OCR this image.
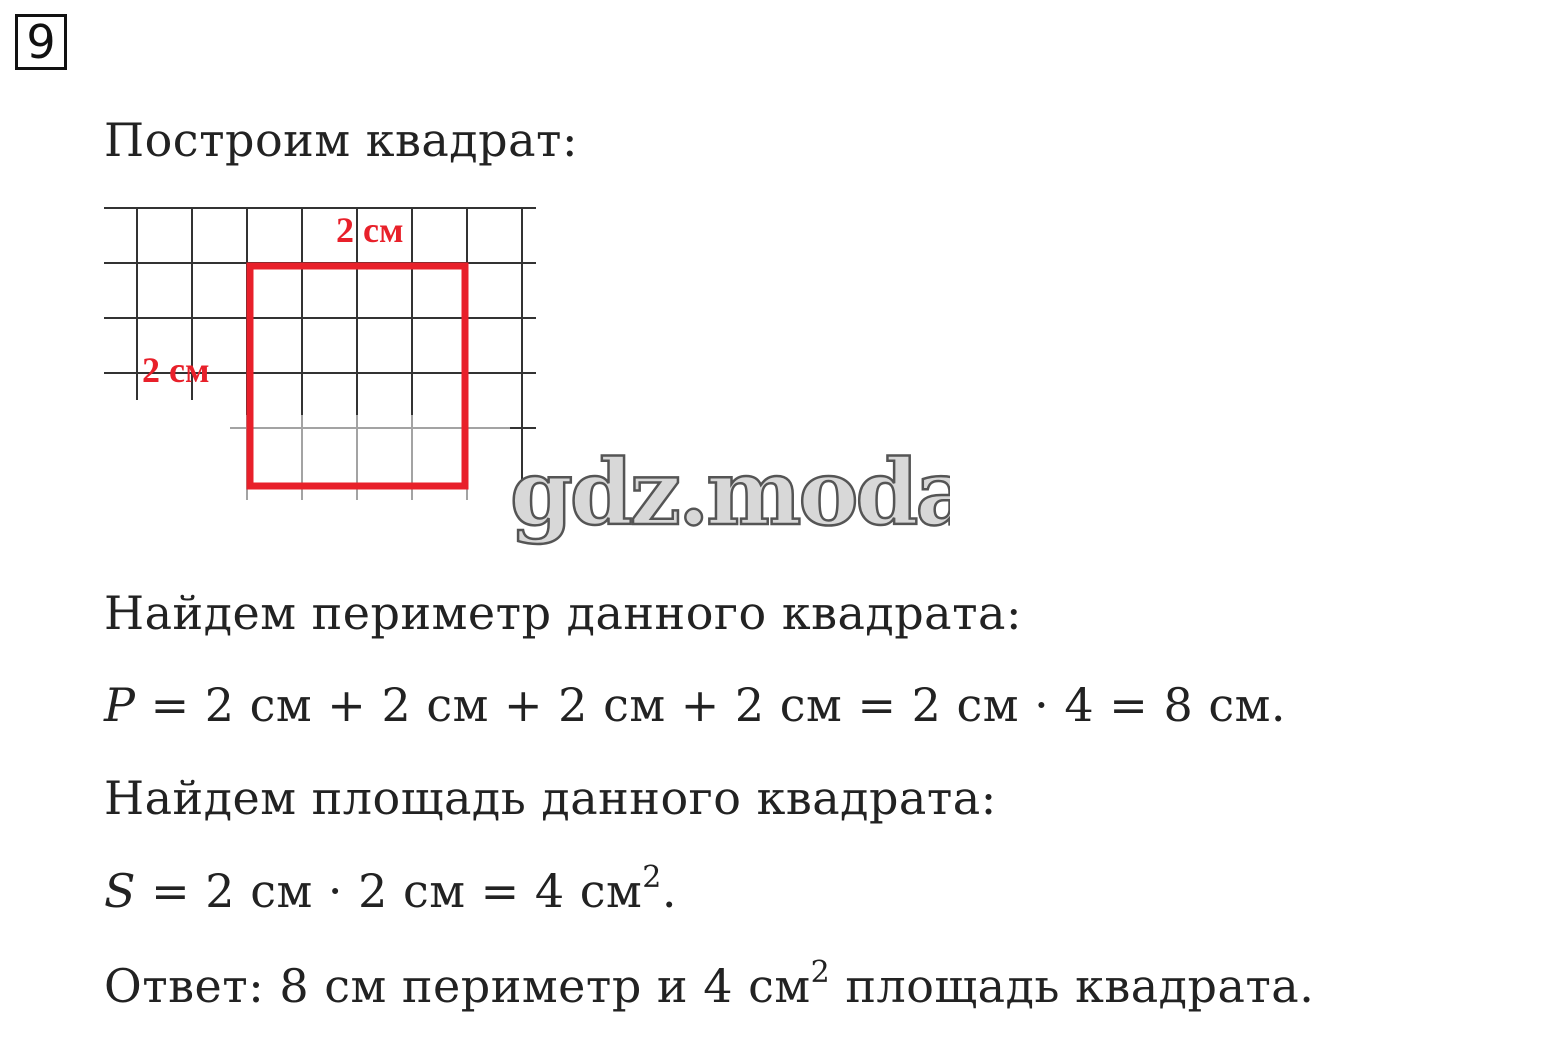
9

Построим квадрат:

2 см
2 см
gdz.moda

Найдем периметр данного квадрата:

P = 2 см + 2 см + 2 см + 2 см = 2 см · 4 = 8 см.

Найдем площадь данного квадрата:

S = 2 см · 2 см = 4 $см^2$.

Ответ: 8 см периметр и 4 $см^2$ площадь квадрата.
